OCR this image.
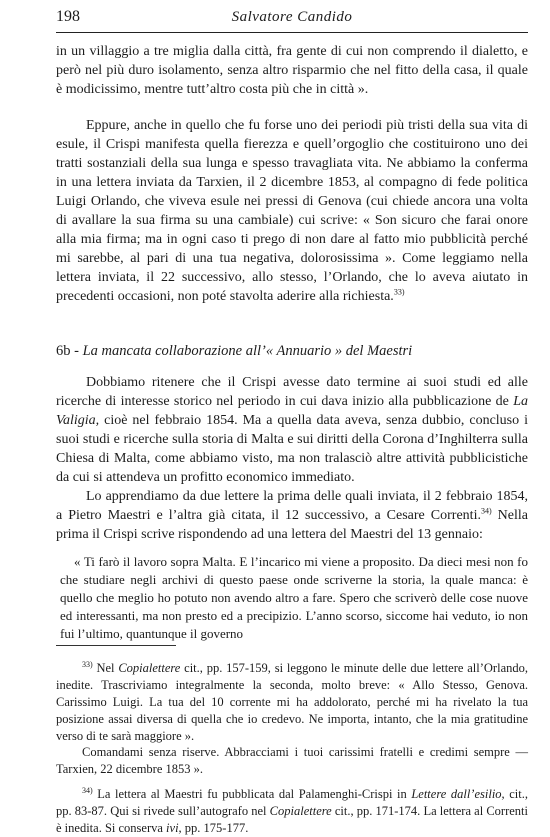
198	Salvatore Candido

in un villaggio a tre miglia dalla città, fra gente di cui non comprendo il dialetto, e però nel più duro isolamento, senza altro risparmio che nel fitto della casa, il quale è modicissimo, mentre tutt’altro costa più che in città ».

Eppure, anche in quello che fu forse uno dei periodi più tristi della sua vita di esule, il Crispi manifesta quella fierezza e quell’orgoglio che costituirono uno dei tratti sostanziali della sua lunga e spesso travagliata vita. Ne abbiamo la conferma in una lettera inviata da Tarxien, il 2 dicembre 1853, al compagno di fede politica Luigi Orlando, che viveva esule nei pressi di Genova (cui chiede ancora una volta di avallare la sua firma su una cambiale) cui scrive: « Son sicuro che farai onore alla mia firma; ma in ogni caso ti prego di non dare al fatto mio pubblicità perché mi sarebbe, al pari di una tua negativa, dolorosissima ». Come leggiamo nella lettera inviata, il 22 successivo, allo stesso, l’Orlando, che lo aveva aiutato in precedenti occasioni, non poté stavolta aderire alla richiesta.$^{33)}$

6b - La mancata collaborazione all’« Annuario » del Maestri

Dobbiamo ritenere che il Crispi avesse dato termine ai suoi studi ed alle ricerche di interesse storico nel periodo in cui dava inizio alla pubblicazione de La Valigia, cioè nel febbraio 1854. Ma a quella data aveva, senza dubbio, concluso i suoi studi e ricerche sulla storia di Malta e sui diritti della Corona d’Inghilterra sulla Chiesa di Malta, come abbiamo visto, ma non tralasciò altre attività pubblicistiche da cui si attendeva un profitto economico immediato.

Lo apprendiamo da due lettere la prima delle quali inviata, il 2 febbraio 1854, a Pietro Maestri e l’altra già citata, il 12 successivo, a Cesare Correnti.$^{34)}$ Nella prima il Crispi scrive rispondendo ad una lettera del Maestri del 13 gennaio:

« Ti farò il lavoro sopra Malta. E l’incarico mi viene a proposito. Da dieci mesi non fo che studiare negli archivi di questo paese onde scriverne la storia, la quale manca: è quello che meglio ho potuto non avendo altro a fare. Spero che scriverò delle cose nuove ed interessanti, ma non presto ed a precipizio. L’anno scorso, siccome hai veduto, io non fui l’ultimo, quantunque il governo

$^{33)}$ Nel Copialettere cit., pp. 157-159, si leggono le minute delle due lettere all’Orlando, inedite. Trascriviamo integralmente la seconda, molto breve: « Allo Stesso, Genova. Carissimo Luigi. La tua del 10 corrente mi ha addolorato, perché mi ha rivelato la tua posizione assai diversa di quella che io credevo. Ne importa, intanto, che la mia gratitudine verso di te sarà maggiore ».

Comandami senza riserve. Abbracciami i tuoi carissimi fratelli e credimi sempre — Tarxien, 22 dicembre 1853 ».

$^{34)}$ La lettera al Maestri fu pubblicata dal Palamenghi-Crispi in Lettere dall’esilio, cit., pp. 83-87. Qui si rivede sull’autografo nel Copialettere cit., pp. 171-174. La lettera al Correnti è inedita. Si conserva ivi, pp. 175-177.
